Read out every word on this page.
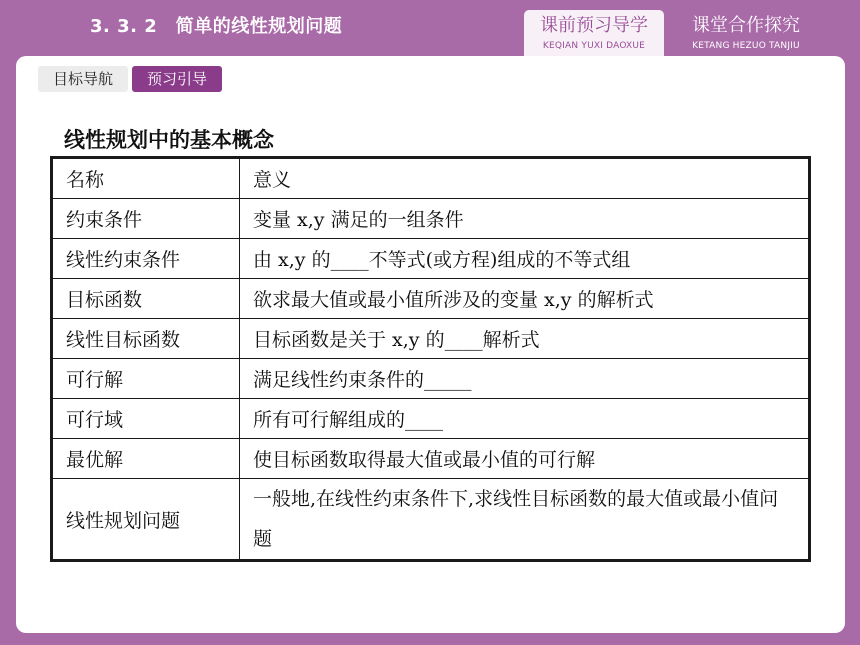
3. 3. 2　简单的线性规划问题	课前预习导学
KEQIAN YUXI DAOXUE
课堂合作探究
KETANG HEZUO TANJIU
目标导航	预习引导
线性规划中的基本概念
名称	意义
约束条件	变量 x,y 满足的一组条件
线性约束条件	由 x,y 的____不等式(或方程)组成的不等式组
目标函数	欲求最大值或最小值所涉及的变量 x,y 的解析式
线性目标函数	目标函数是关于 x,y 的____解析式
可行解	满足线性约束条件的_____
可行域	所有可行解组成的____
最优解	使目标函数取得最大值或最小值的可行解
线性规划问题	一般地,在线性约束条件下,求线性目标函数的最大值或最小值问题
